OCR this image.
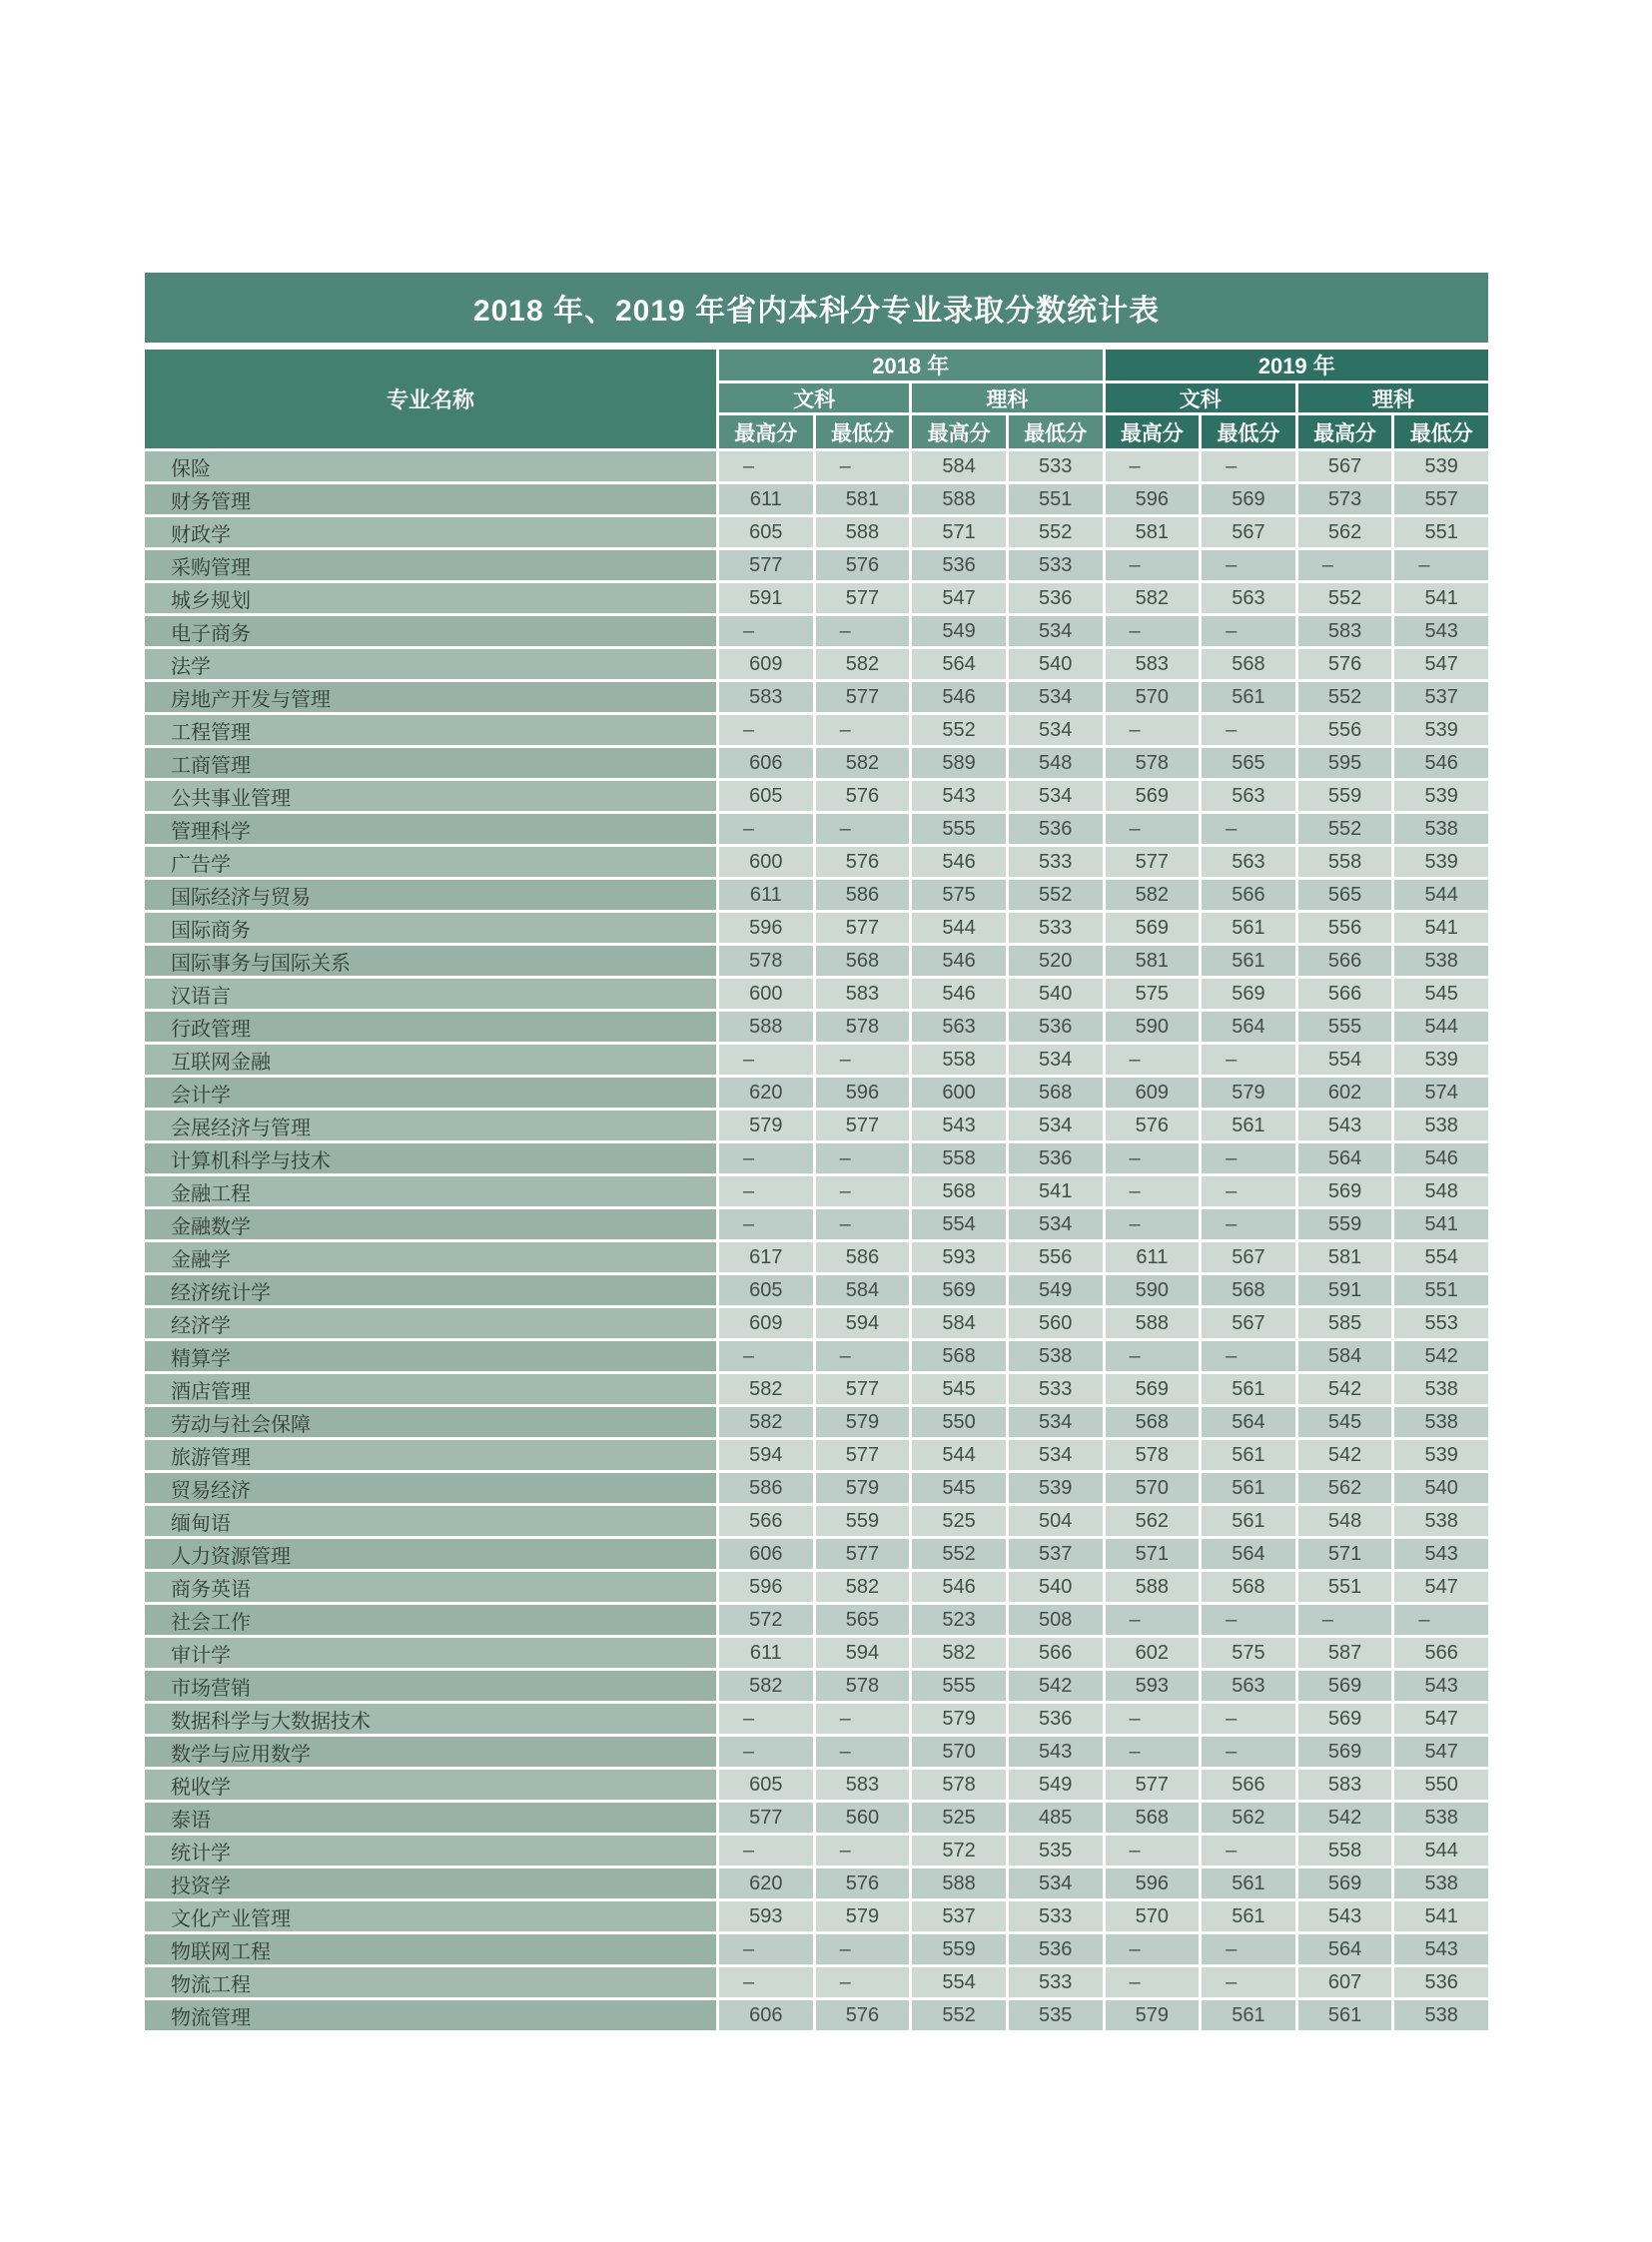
2018 年、2019 年省内本科分专业录取分数统计表
专业名称
2018 年	2019 年
文科	理科	文科	理科
最高分	最低分	最高分	最低分	最高分	最低分	最高分	最低分
保险	–	–	584	533	–	–	567	539
财务管理	611	581	588	551	596	569	573	557
财政学	605	588	571	552	581	567	562	551
采购管理	577	576	536	533	–	–	–	–
城乡规划	591	577	547	536	582	563	552	541
电子商务	–	–	549	534	–	–	583	543
法学	609	582	564	540	583	568	576	547
房地产开发与管理	583	577	546	534	570	561	552	537
工程管理	–	–	552	534	–	–	556	539
工商管理	606	582	589	548	578	565	595	546
公共事业管理	605	576	543	534	569	563	559	539
管理科学	–	–	555	536	–	–	552	538
广告学	600	576	546	533	577	563	558	539
国际经济与贸易	611	586	575	552	582	566	565	544
国际商务	596	577	544	533	569	561	556	541
国际事务与国际关系	578	568	546	520	581	561	566	538
汉语言	600	583	546	540	575	569	566	545
行政管理	588	578	563	536	590	564	555	544
互联网金融	–	–	558	534	–	–	554	539
会计学	620	596	600	568	609	579	602	574
会展经济与管理	579	577	543	534	576	561	543	538
计算机科学与技术	–	–	558	536	–	–	564	546
金融工程	–	–	568	541	–	–	569	548
金融数学	–	–	554	534	–	–	559	541
金融学	617	586	593	556	611	567	581	554
经济统计学	605	584	569	549	590	568	591	551
经济学	609	594	584	560	588	567	585	553
精算学	–	–	568	538	–	–	584	542
酒店管理	582	577	545	533	569	561	542	538
劳动与社会保障	582	579	550	534	568	564	545	538
旅游管理	594	577	544	534	578	561	542	539
贸易经济	586	579	545	539	570	561	562	540
缅甸语	566	559	525	504	562	561	548	538
人力资源管理	606	577	552	537	571	564	571	543
商务英语	596	582	546	540	588	568	551	547
社会工作	572	565	523	508	–	–	–	–
审计学	611	594	582	566	602	575	587	566
市场营销	582	578	555	542	593	563	569	543
数据科学与大数据技术	–	–	579	536	–	–	569	547
数学与应用数学	–	–	570	543	–	–	569	547
税收学	605	583	578	549	577	566	583	550
泰语	577	560	525	485	568	562	542	538
统计学	–	–	572	535	–	–	558	544
投资学	620	576	588	534	596	561	569	538
文化产业管理	593	579	537	533	570	561	543	541
物联网工程	–	–	559	536	–	–	564	543
物流工程	–	–	554	533	–	–	607	536
物流管理	606	576	552	535	579	561	561	538
